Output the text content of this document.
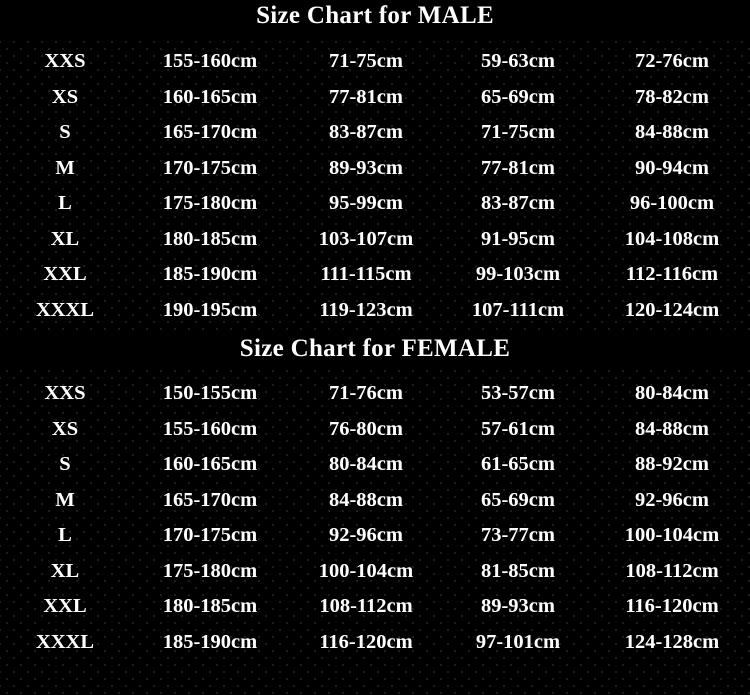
Size Chart for MALE
XXS	155-160cm	71-75cm	59-63cm	72-76cm
XS	160-165cm	77-81cm	65-69cm	78-82cm
S	165-170cm	83-87cm	71-75cm	84-88cm
M	170-175cm	89-93cm	77-81cm	90-94cm
L	175-180cm	95-99cm	83-87cm	96-100cm
XL	180-185cm	103-107cm	91-95cm	104-108cm
XXL	185-190cm	111-115cm	99-103cm	112-116cm
XXXL	190-195cm	119-123cm	107-111cm	120-124cm
Size Chart for FEMALE
XXS	150-155cm	71-76cm	53-57cm	80-84cm
XS	155-160cm	76-80cm	57-61cm	84-88cm
S	160-165cm	80-84cm	61-65cm	88-92cm
M	165-170cm	84-88cm	65-69cm	92-96cm
L	170-175cm	92-96cm	73-77cm	100-104cm
XL	175-180cm	100-104cm	81-85cm	108-112cm
XXL	180-185cm	108-112cm	89-93cm	116-120cm
XXXL	185-190cm	116-120cm	97-101cm	124-128cm
